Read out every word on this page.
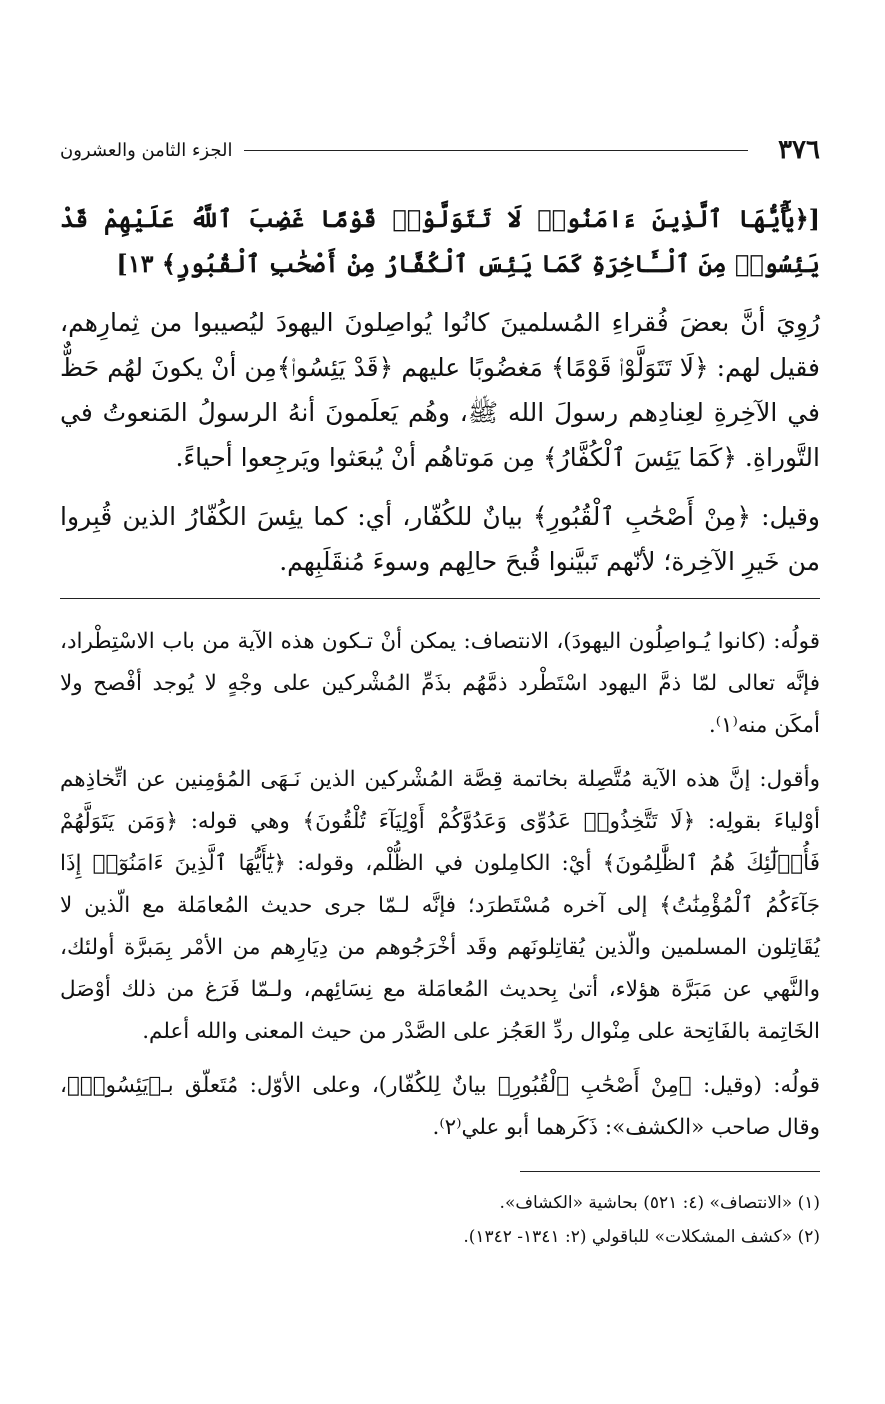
٣٧٦
الجزء الثامن والعشرون

[﴿يَٰٓأَيُّهَا ٱلَّذِينَ ءَامَنُوا۟ لَا تَتَوَلَّوْا۟ قَوْمًا غَضِبَ ٱللَّهُ عَلَيْهِمْ قَدْ يَئِسُوا۟ مِنَ ٱلْـَٔاخِرَةِ كَمَا يَئِسَ ٱلْكُفَّارُ مِنْ أَصْحَٰبِ ٱلْقُبُورِ﴾ ١٣]

رُوِيَ أنَّ بعضَ فُقراءِ المُسلمينَ كانُوا يُواصِلونَ اليهودَ ليُصيبوا من ثِمارِهم، فقيل لهم: ﴿لَا تَتَوَلَّوْا۟ قَوْمًا﴾ مَغضُوبًا عليهم ﴿قَدْ يَئِسُوا۟﴾مِن أنْ يكونَ لهُم حَظٌّ في الآخِرةِ لعِنادِهم رسولَ الله ﷺ، وهُم يَعلَمونَ أنهُ الرسولُ المَنعوتُ في التَّوراةِ. ﴿كَمَا يَئِسَ ٱلْكُفَّارُ﴾ مِن مَوتاهُم أنْ يُبعَثوا ويَرجِعوا أحياءً.

وقيل: ﴿مِنْ أَصْحَٰبِ ٱلْقُبُورِ﴾ بيانٌ للكُفّار، أي: كما يئِسَ الكُفّارُ الذين قُبِروا من خَيرِ الآخِرة؛ لأنّهم تَبيَّنوا قُبحَ حالِهم وسوءَ مُنقَلَبِهم.

قولُه: (كانوا يُـواصِلُون اليهودَ)، الانتصاف: يمكن أنْ تـكون هذه الآية من باب الاسْتِطْراد، فإنَّه تعالى لمّا ذمَّ اليهود اسْتَطْرد ذمَّهُم بذَمِّ المُشْركين على وجْهٍ لا يُوجد أفْصح ولا أمكَن منه⁽١⁾.

وأقول: إنَّ هذه الآية مُتَّصِلة بخاتمة قِصَّة المُشْركين الذين نَـهَى المُؤمِنين عن اتِّخاذِهم أوْلياءَ بقولِه: ﴿لَا تَتَّخِذُوا۟ عَدُوِّى وَعَدُوَّكُمْ أَوْلِيَآءَ تُلْقُونَ﴾ وهي قوله: ﴿وَمَن يَتَوَلَّهُمْ فَأُو۟لَٰٓئِكَ هُمُ ٱلظَّٰلِمُونَ﴾ أيْ: الكامِلون في الظُّلْم، وقوله: ﴿يَٰٓأَيُّهَا ٱلَّذِينَ ءَامَنُوٓا۟ إِذَا جَآءَكُمُ ٱلْمُؤْمِنَٰتُ﴾ إلى آخره مُسْتَطرَد؛ فإنَّه لـمّا جرى حديث المُعامَلة مع الّذين لا يُقَاتِلون المسلمين والّذين يُقاتِلونَهم وقَد أخْرَجُوهم من دِيَارِهم من الأمْر بِمَبرَّة أولئك، والنَّهي عن مَبَرَّة هؤلاء، أتىٰ بِحديث المُعامَلة مع نِسَائِهم، ولـمّا فَرَغ من ذلك أوْصَل الخَاتِمة بالفَاتِحة على مِنْوال ردِّ العَجُز على الصَّدْر من حيث المعنى والله أعلم.

قولُه: (وقيل: ﴿مِنْ أَصْحَٰبِ ٱلْقُبُورِ﴾ بيانٌ لِلكُفّار)، وعلى الأوّل: مُتَعلّق بـ﴿يَئِسُوا۟﴾، وقال صاحب «الكشف»: ذَكَرهما أبو علي⁽٢⁾.

(١) «الانتصاف» (٤: ٥٢١) بحاشية «الكشاف».

(٢) «كشف المشكلات» للباقولي (٢: ١٣٤١- ١٣٤٢).
